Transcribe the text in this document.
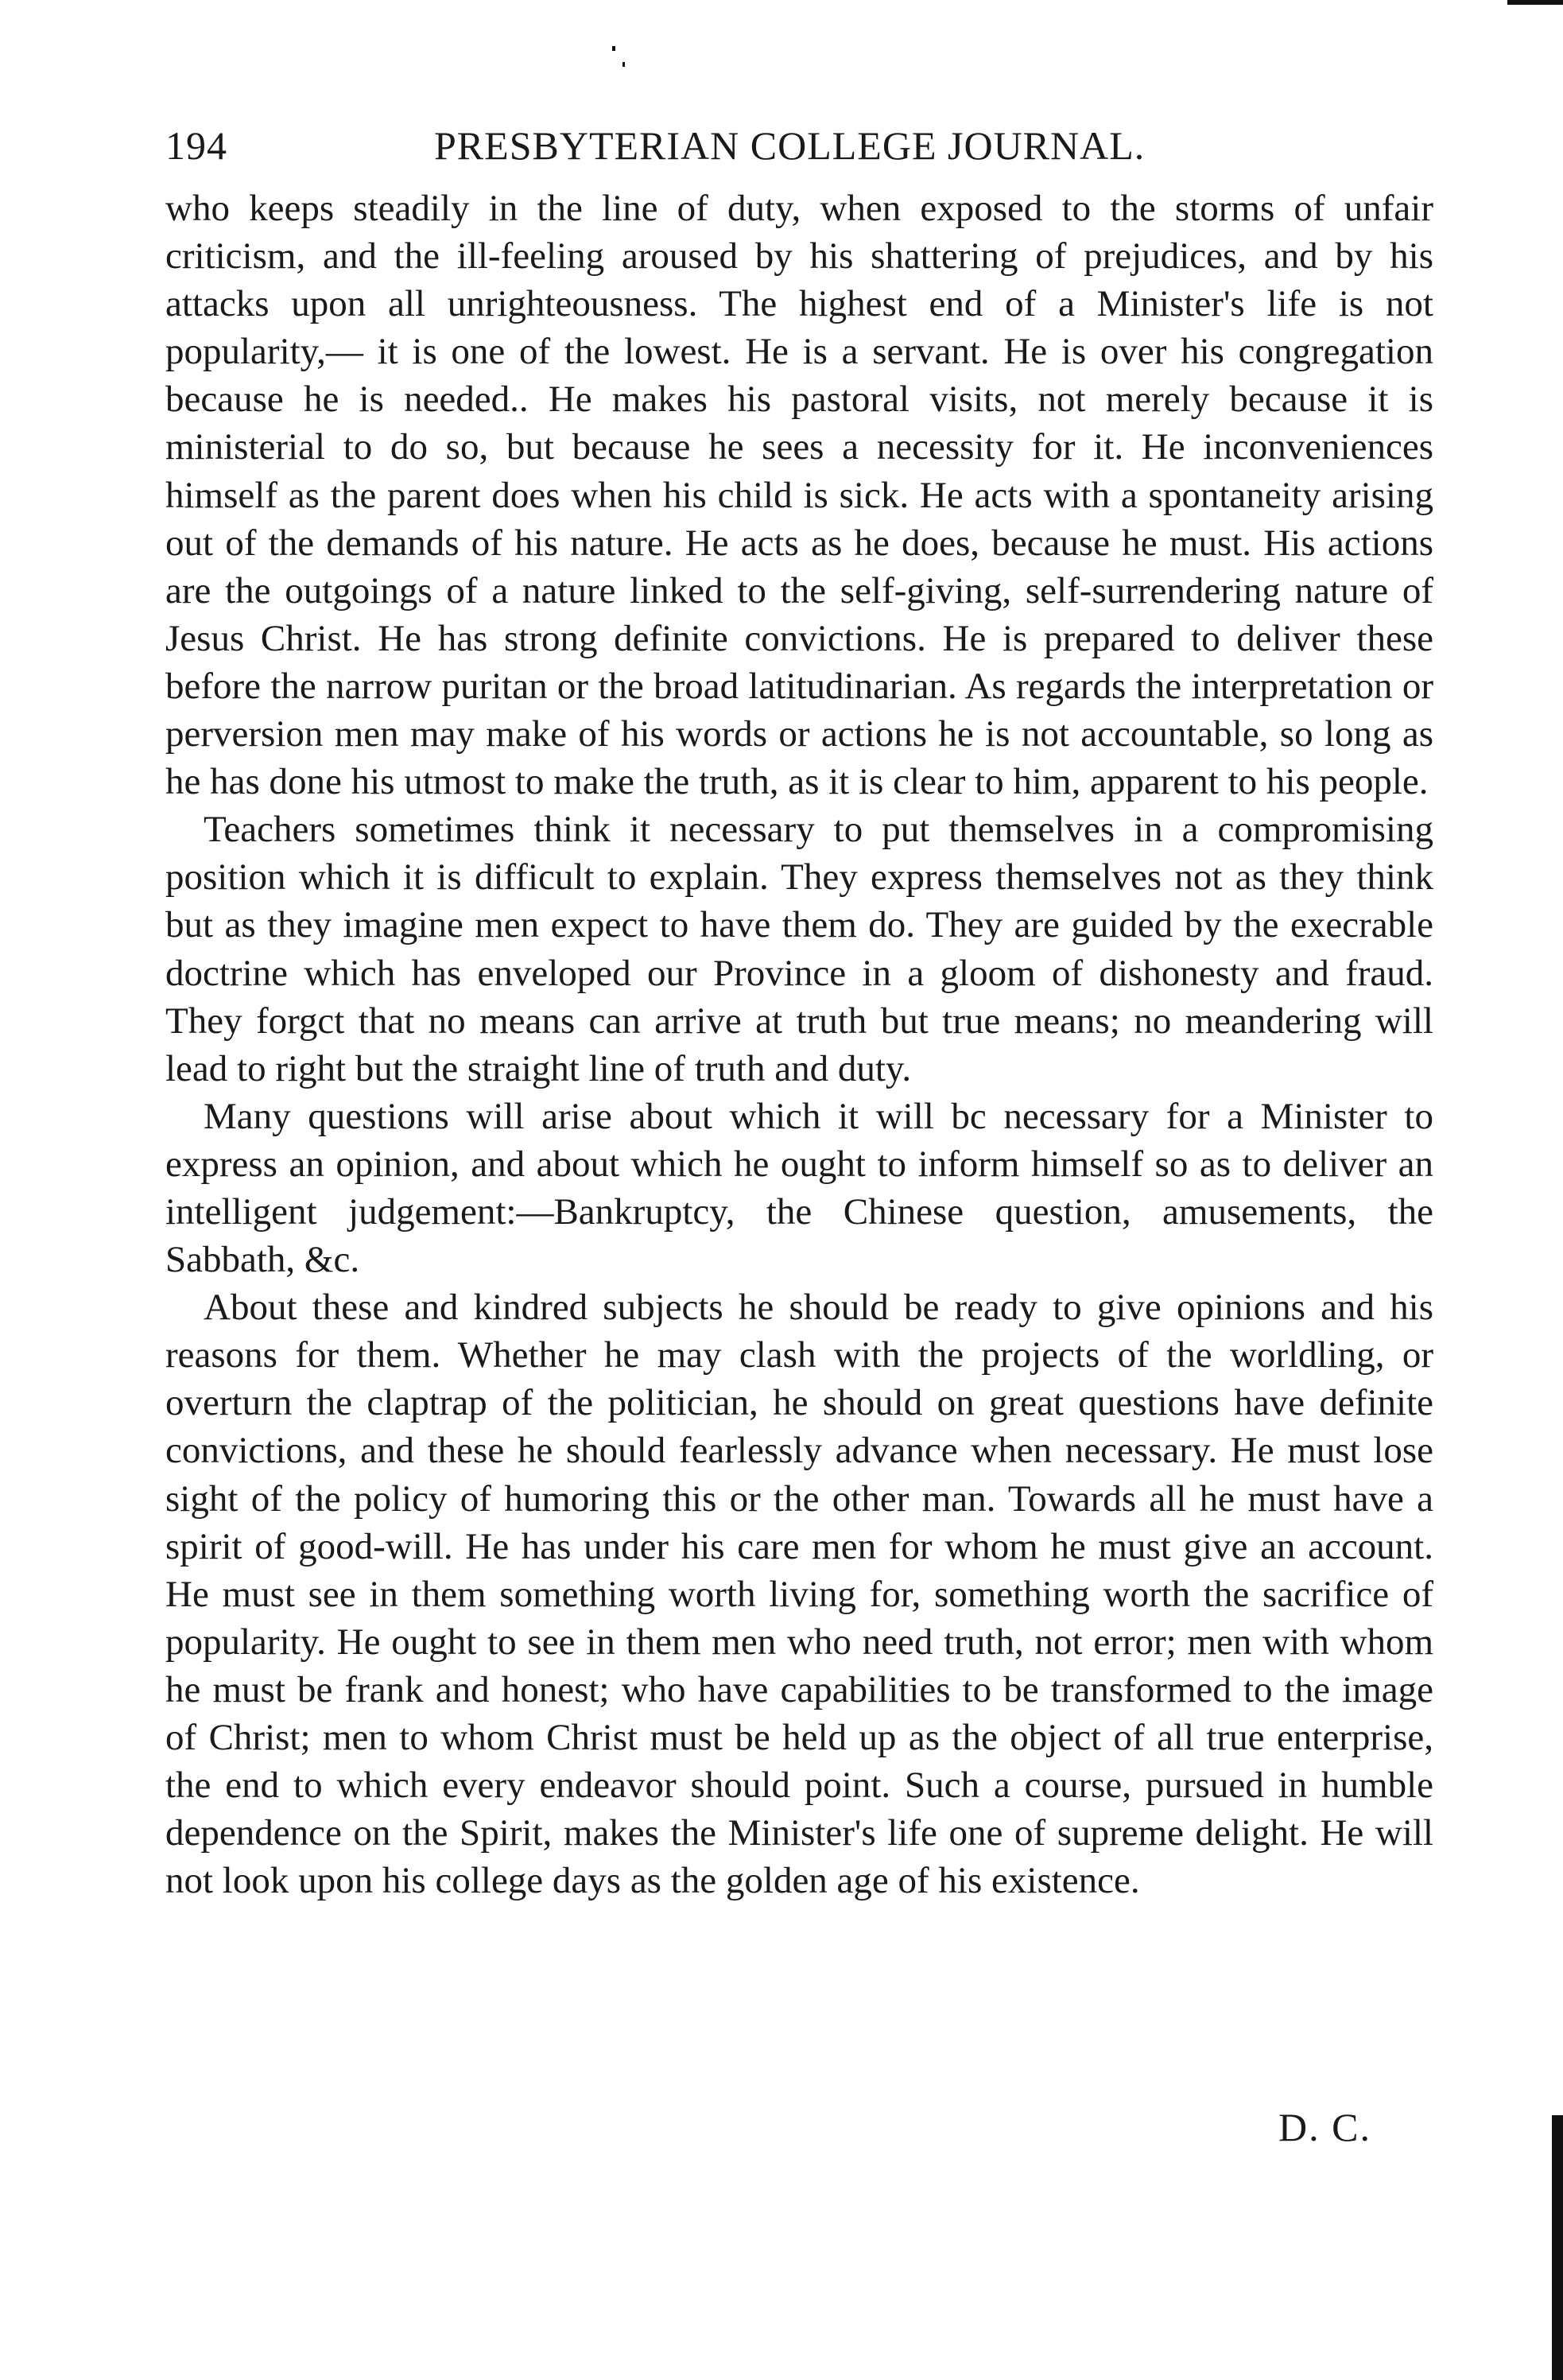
194	PRESBYTERIAN COLLEGE JOURNAL.

who keeps steadily in the line of duty, when exposed to the storms of unfair criticism, and the ill-feeling aroused by his shattering of prejudices, and by his attacks upon all unrighteousness. The highest end of a Minister's life is not popularity,— it is one of the lowest. He is a servant. He is over his congregation because he is needed.. He makes his pastoral visits, not merely because it is ministerial to do so, but because he sees a necessity for it. He inconveniences himself as the parent does when his child is sick. He acts with a spontaneity arising out of the demands of his nature. He acts as he does, because he must. His actions are the outgoings of a nature linked to the self-giving, self-surrendering nature of Jesus Christ. He has strong definite convictions. He is prepared to deliver these before the narrow puritan or the broad latitudinarian. As regards the interpretation or perversion men may make of his words or actions he is not accountable, so long as he has done his utmost to make the truth, as it is clear to him, apparent to his people.

Teachers sometimes think it necessary to put themselves in a compromising position which it is difficult to explain. They express themselves not as they think but as they imagine men expect to have them do. They are guided by the execrable doctrine which has enveloped our Province in a gloom of dishonesty and fraud. They forgct that no means can arrive at truth but true means; no meandering will lead to right but the straight line of truth and duty.

Many questions will arise about which it will bc necessary for a Minister to express an opinion, and about which he ought to inform himself so as to deliver an intelligent judgement:—Bankruptcy, the Chinese question, amusements, the Sabbath, &c.

About these and kindred subjects he should be ready to give opinions and his reasons for them. Whether he may clash with the projects of the worldling, or overturn the claptrap of the politician, he should on great questions have definite convictions, and these he should fearlessly advance when necessary. He must lose sight of the policy of humoring this or the other man. Towards all he must have a spirit of good-will. He has under his care men for whom he must give an account. He must see in them something worth living for, something worth the sacrifice of popularity. He ought to see in them men who need truth, not error; men with whom he must be frank and honest; who have capabilities to be transformed to the image of Christ; men to whom Christ must be held up as the object of all true enterprise, the end to which every endeavor should point. Such a course, pursued in humble dependence on the Spirit, makes the Minister's life one of supreme delight. He will not look upon his college days as the golden age of his existence.

D. C.
